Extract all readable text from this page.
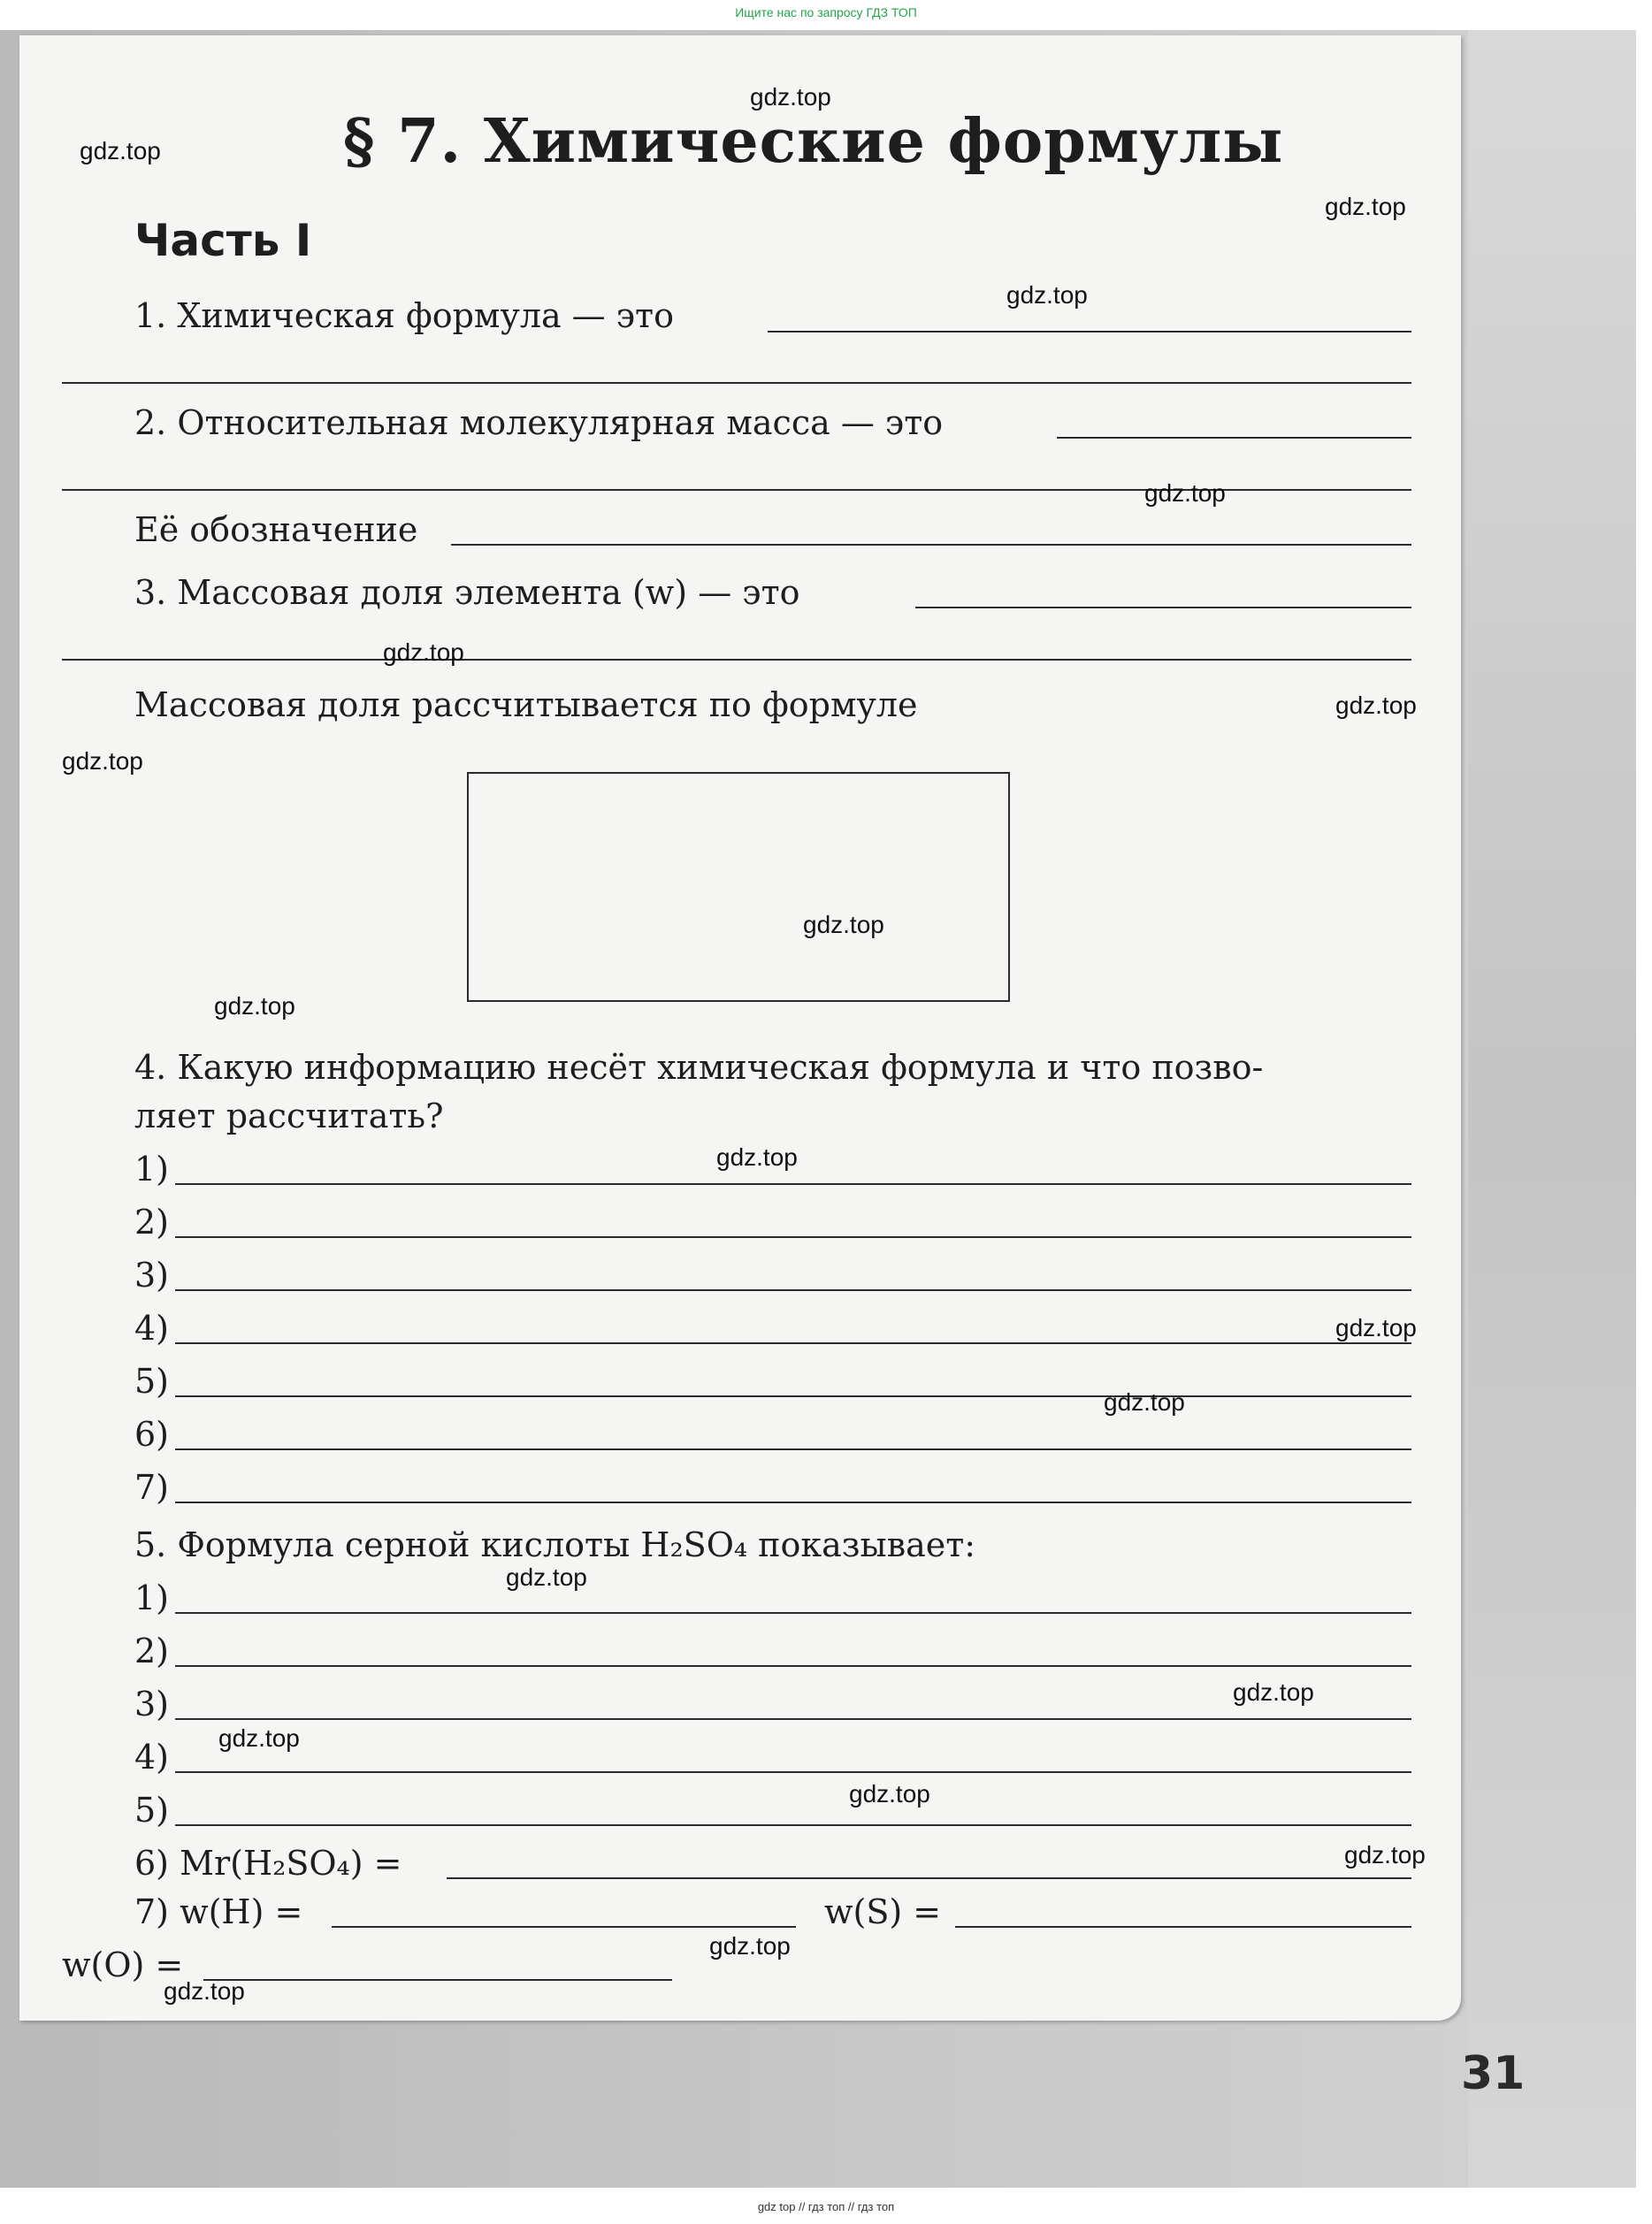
Ищите нас по запросу ГДЗ ТОП

§ 7. Химические формулы
Часть I
1. Химическая формула — это
2. Относительная молекулярная масса — это
Её обозначение
3. Массовая доля элемента (w) — это
Массовая доля рассчитывается по формуле
4. Какую информацию несёт химическая формула и что позво-
ляет рассчитать?
1)
2)
3)
4)
5)
6)
7)
5. Формула серной кислоты H₂SO₄ показывает:
1)
2)
3)
4)
5)
6) Mr(H₂SO₄) =
7) w(H) =	w(S) =
w(O) =
31
gdz.top
gdz.top
gdz.top
gdz.top
gdz.top
gdz.top
gdz.top
gdz.top
gdz.top
gdz.top
gdz.top
gdz.top
gdz.top
gdz.top
gdz.top
gdz.top
gdz.top
gdz.top
gdz.top
gdz.top
gdz top // гдз топ // гдз топ
